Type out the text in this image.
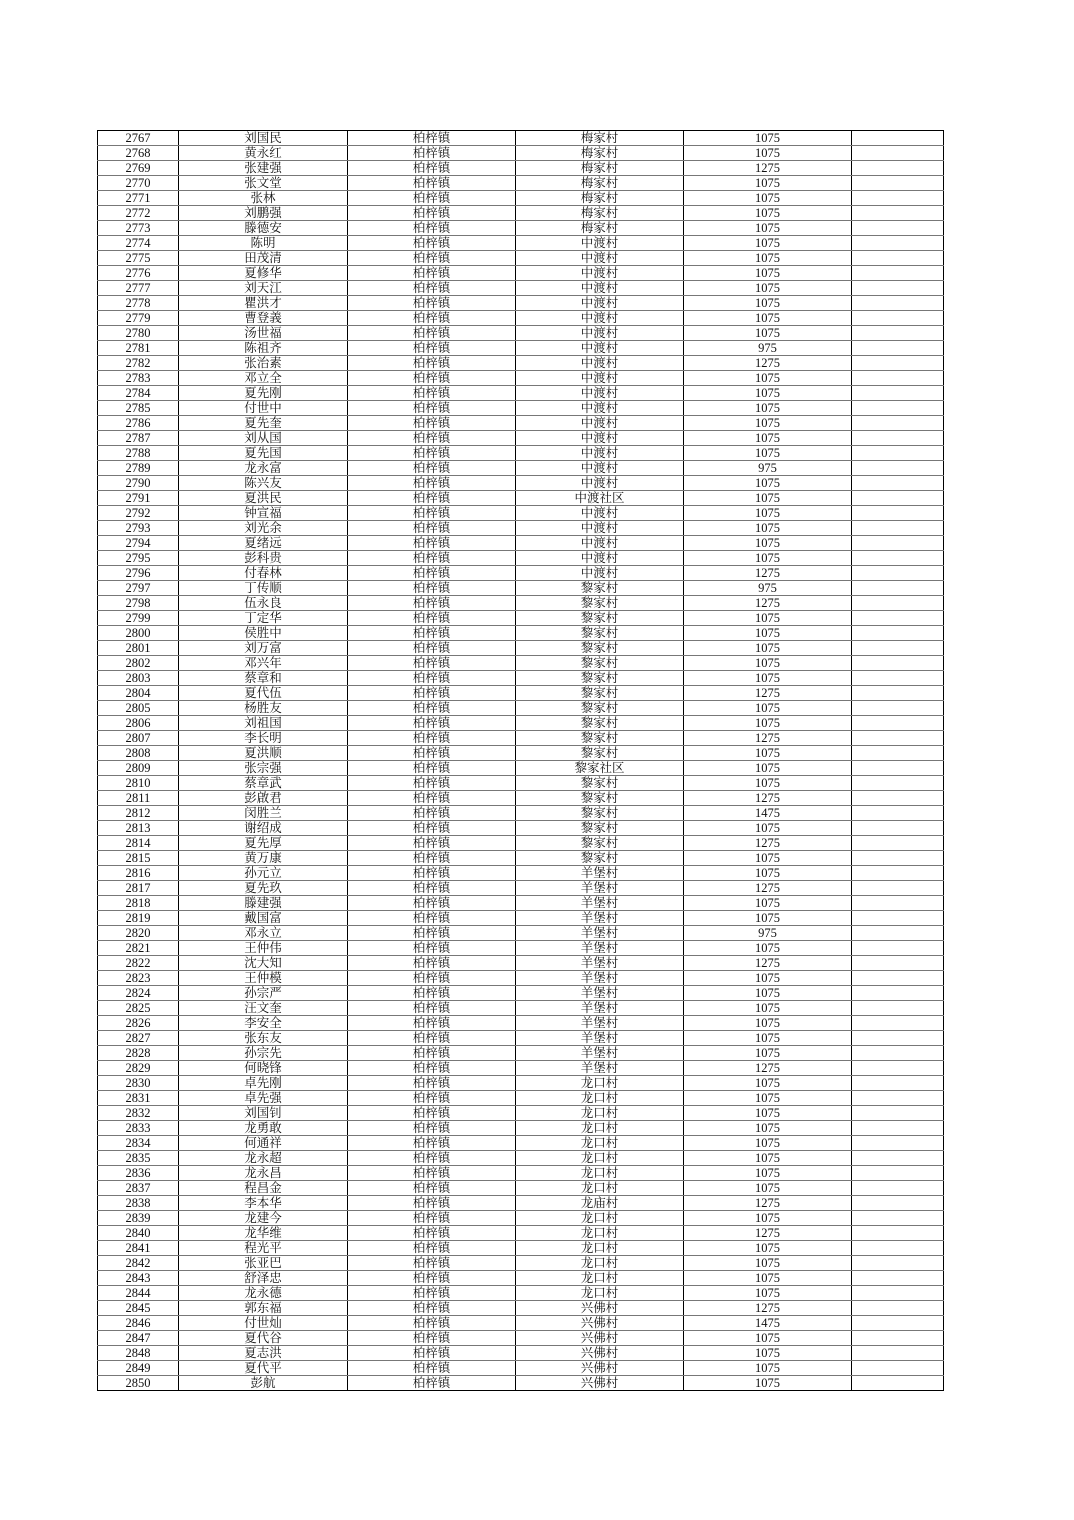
2767	刘国民	柏梓镇	梅家村	1075	
2768	黄永红	柏梓镇	梅家村	1075	
2769	张建强	柏梓镇	梅家村	1275	
2770	张文堂	柏梓镇	梅家村	1075	
2771	张林	柏梓镇	梅家村	1075	
2772	刘鹏强	柏梓镇	梅家村	1075	
2773	滕德安	柏梓镇	梅家村	1075	
2774	陈明	柏梓镇	中渡村	1075	
2775	田茂清	柏梓镇	中渡村	1075	
2776	夏修华	柏梓镇	中渡村	1075	
2777	刘天江	柏梓镇	中渡村	1075	
2778	瞿洪才	柏梓镇	中渡村	1075	
2779	曹登義	柏梓镇	中渡村	1075	
2780	汤世福	柏梓镇	中渡村	1075	
2781	陈祖齐	柏梓镇	中渡村	975	
2782	张治素	柏梓镇	中渡村	1275	
2783	邓立全	柏梓镇	中渡村	1075	
2784	夏先刚	柏梓镇	中渡村	1075	
2785	付世中	柏梓镇	中渡村	1075	
2786	夏先奎	柏梓镇	中渡村	1075	
2787	刘从国	柏梓镇	中渡村	1075	
2788	夏先国	柏梓镇	中渡村	1075	
2789	龙永富	柏梓镇	中渡村	975	
2790	陈兴友	柏梓镇	中渡村	1075	
2791	夏洪民	柏梓镇	中渡社区	1075	
2792	钟宣福	柏梓镇	中渡村	1075	
2793	刘光余	柏梓镇	中渡村	1075	
2794	夏绪远	柏梓镇	中渡村	1075	
2795	彭科贵	柏梓镇	中渡村	1075	
2796	付春林	柏梓镇	中渡村	1275	
2797	丁传顺	柏梓镇	黎家村	975	
2798	伍永良	柏梓镇	黎家村	1275	
2799	丁定华	柏梓镇	黎家村	1075	
2800	侯胜中	柏梓镇	黎家村	1075	
2801	刘万富	柏梓镇	黎家村	1075	
2802	邓兴年	柏梓镇	黎家村	1075	
2803	蔡章和	柏梓镇	黎家村	1075	
2804	夏代伍	柏梓镇	黎家村	1275	
2805	杨胜友	柏梓镇	黎家村	1075	
2806	刘祖国	柏梓镇	黎家村	1075	
2807	李长明	柏梓镇	黎家村	1275	
2808	夏洪顺	柏梓镇	黎家村	1075	
2809	张宗强	柏梓镇	黎家社区	1075	
2810	蔡章武	柏梓镇	黎家村	1075	
2811	彭啟君	柏梓镇	黎家村	1275	
2812	闵胜兰	柏梓镇	黎家村	1475	
2813	谢绍成	柏梓镇	黎家村	1075	
2814	夏先厚	柏梓镇	黎家村	1275	
2815	黄万康	柏梓镇	黎家村	1075	
2816	孙元立	柏梓镇	羊堡村	1075	
2817	夏先玖	柏梓镇	羊堡村	1275	
2818	滕建强	柏梓镇	羊堡村	1075	
2819	戴国富	柏梓镇	羊堡村	1075	
2820	邓永立	柏梓镇	羊堡村	975	
2821	王仲伟	柏梓镇	羊堡村	1075	
2822	沈大知	柏梓镇	羊堡村	1275	
2823	王仲模	柏梓镇	羊堡村	1075	
2824	孙宗严	柏梓镇	羊堡村	1075	
2825	汪文奎	柏梓镇	羊堡村	1075	
2826	李安全	柏梓镇	羊堡村	1075	
2827	张东友	柏梓镇	羊堡村	1075	
2828	孙宗先	柏梓镇	羊堡村	1075	
2829	何晓锋	柏梓镇	羊堡村	1275	
2830	卓先刚	柏梓镇	龙口村	1075	
2831	卓先强	柏梓镇	龙口村	1075	
2832	刘国钊	柏梓镇	龙口村	1075	
2833	龙勇敢	柏梓镇	龙口村	1075	
2834	何通祥	柏梓镇	龙口村	1075	
2835	龙永超	柏梓镇	龙口村	1075	
2836	龙永昌	柏梓镇	龙口村	1075	
2837	程昌金	柏梓镇	龙口村	1075	
2838	李本华	柏梓镇	龙庙村	1275	
2839	龙建今	柏梓镇	龙口村	1075	
2840	龙华维	柏梓镇	龙口村	1275	
2841	程光平	柏梓镇	龙口村	1075	
2842	张亚巴	柏梓镇	龙口村	1075	
2843	舒泽忠	柏梓镇	龙口村	1075	
2844	龙永德	柏梓镇	龙口村	1075	
2845	郭东福	柏梓镇	兴佛村	1275	
2846	付世灿	柏梓镇	兴佛村	1475	
2847	夏代谷	柏梓镇	兴佛村	1075	
2848	夏志洪	柏梓镇	兴佛村	1075	
2849	夏代平	柏梓镇	兴佛村	1075	
2850	彭航	柏梓镇	兴佛村	1075	
